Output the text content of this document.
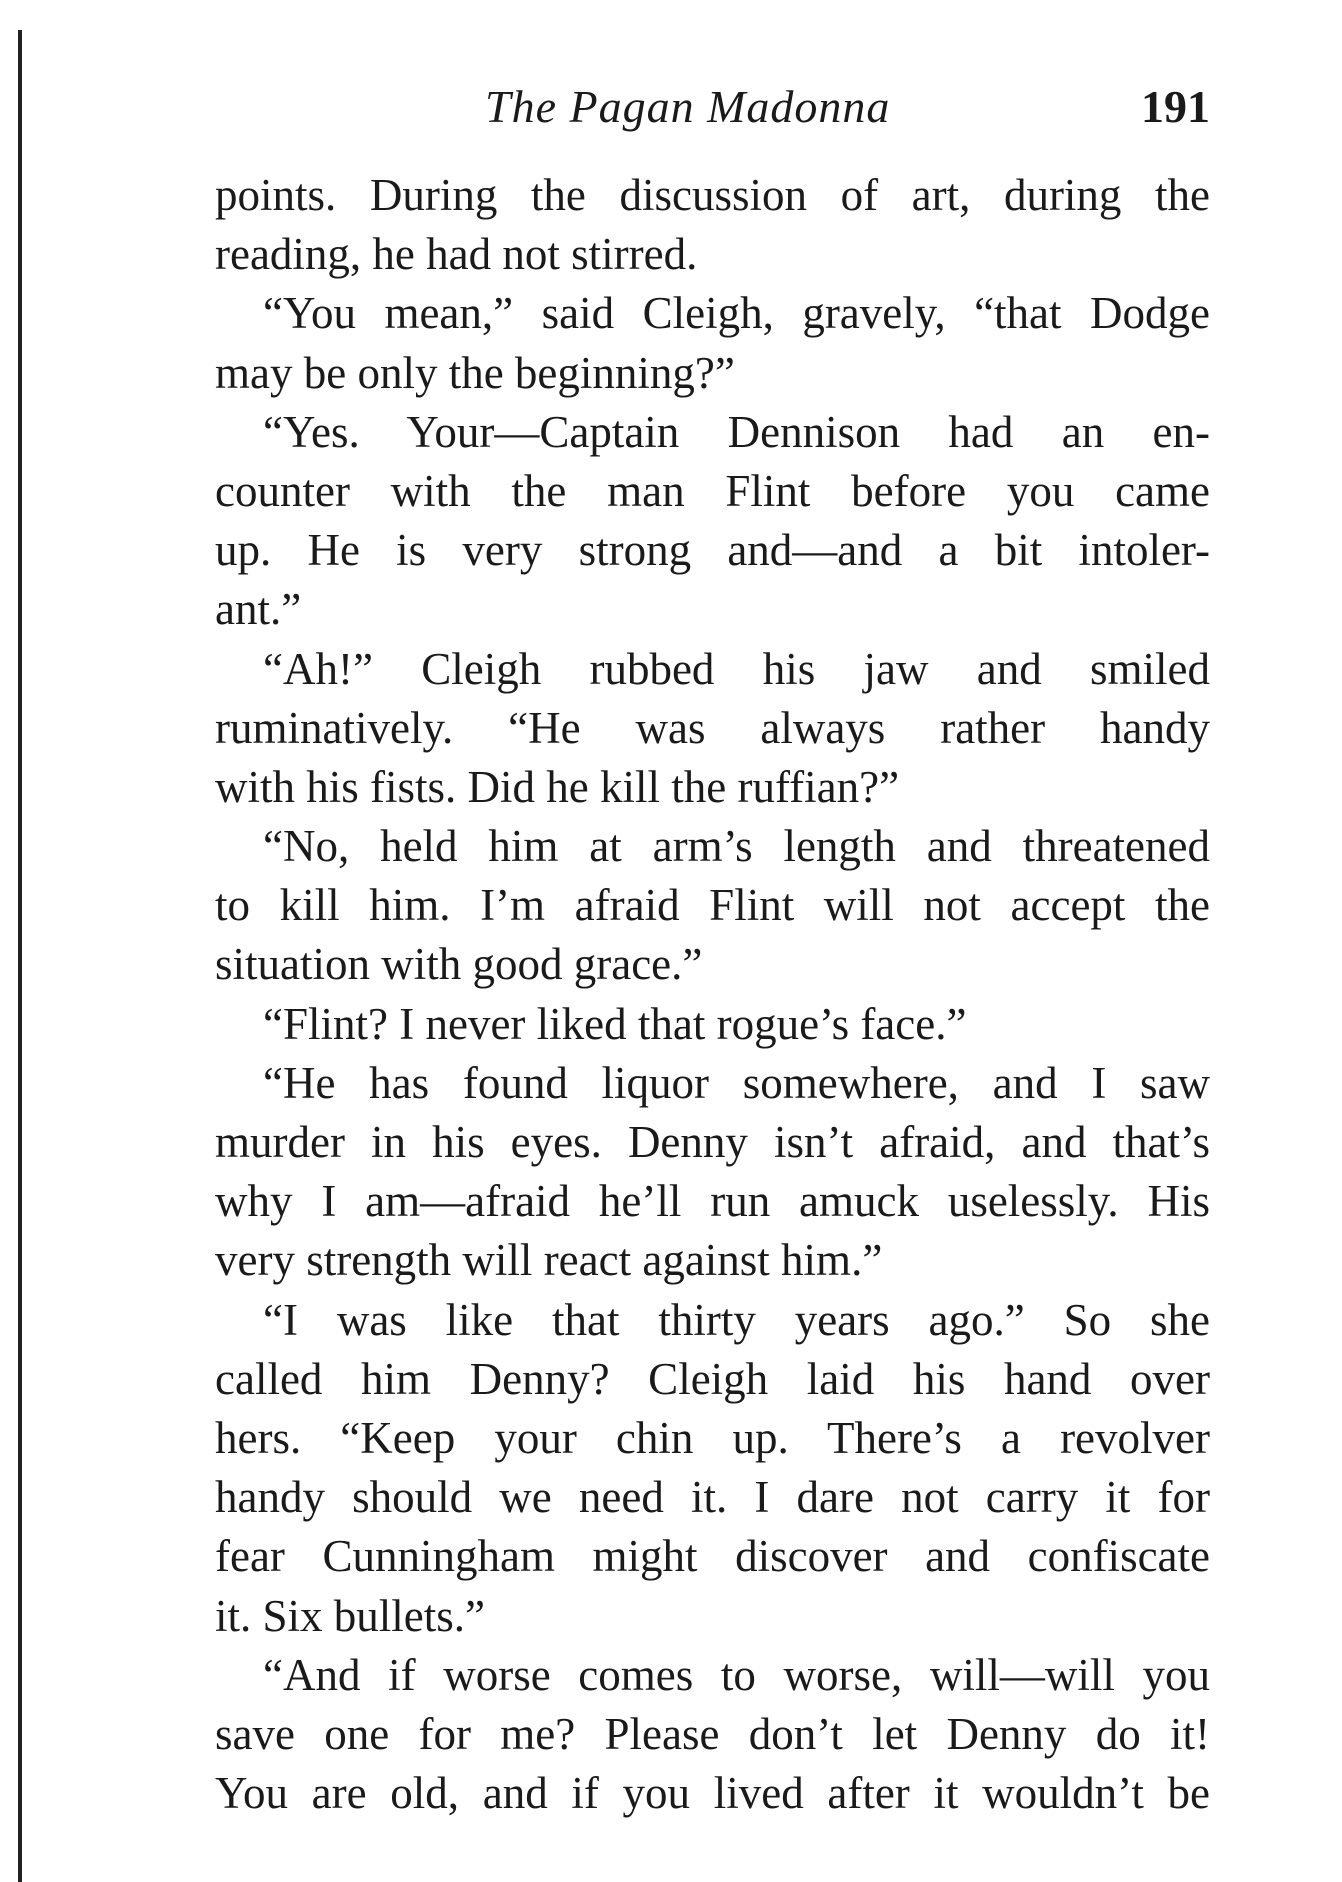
The Pagan Madonna	191
points. During the discussion of art, during the
reading, he had not stirred.
“You mean,” said Cleigh, gravely, “that Dodge
may be only the beginning?”
“Yes. Your—Captain Dennison had an en-
counter with the man Flint before you came
up. He is very strong and—and a bit intoler-
ant.”
“Ah!” Cleigh rubbed his jaw and smiled
ruminatively. “He was always rather handy
with his fists. Did he kill the ruffian?”
“No, held him at arm’s length and threatened
to kill him. I’m afraid Flint will not accept the
situation with good grace.”
“Flint? I never liked that rogue’s face.”
“He has found liquor somewhere, and I saw
murder in his eyes. Denny isn’t afraid, and that’s
why I am—afraid he’ll run amuck uselessly. His
very strength will react against him.”
“I was like that thirty years ago.” So she
called him Denny? Cleigh laid his hand over
hers. “Keep your chin up. There’s a revolver
handy should we need it. I dare not carry it for
fear Cunningham might discover and confiscate
it. Six bullets.”
“And if worse comes to worse, will—will you
save one for me? Please don’t let Denny do it!
You are old, and if you lived after it wouldn’t be
